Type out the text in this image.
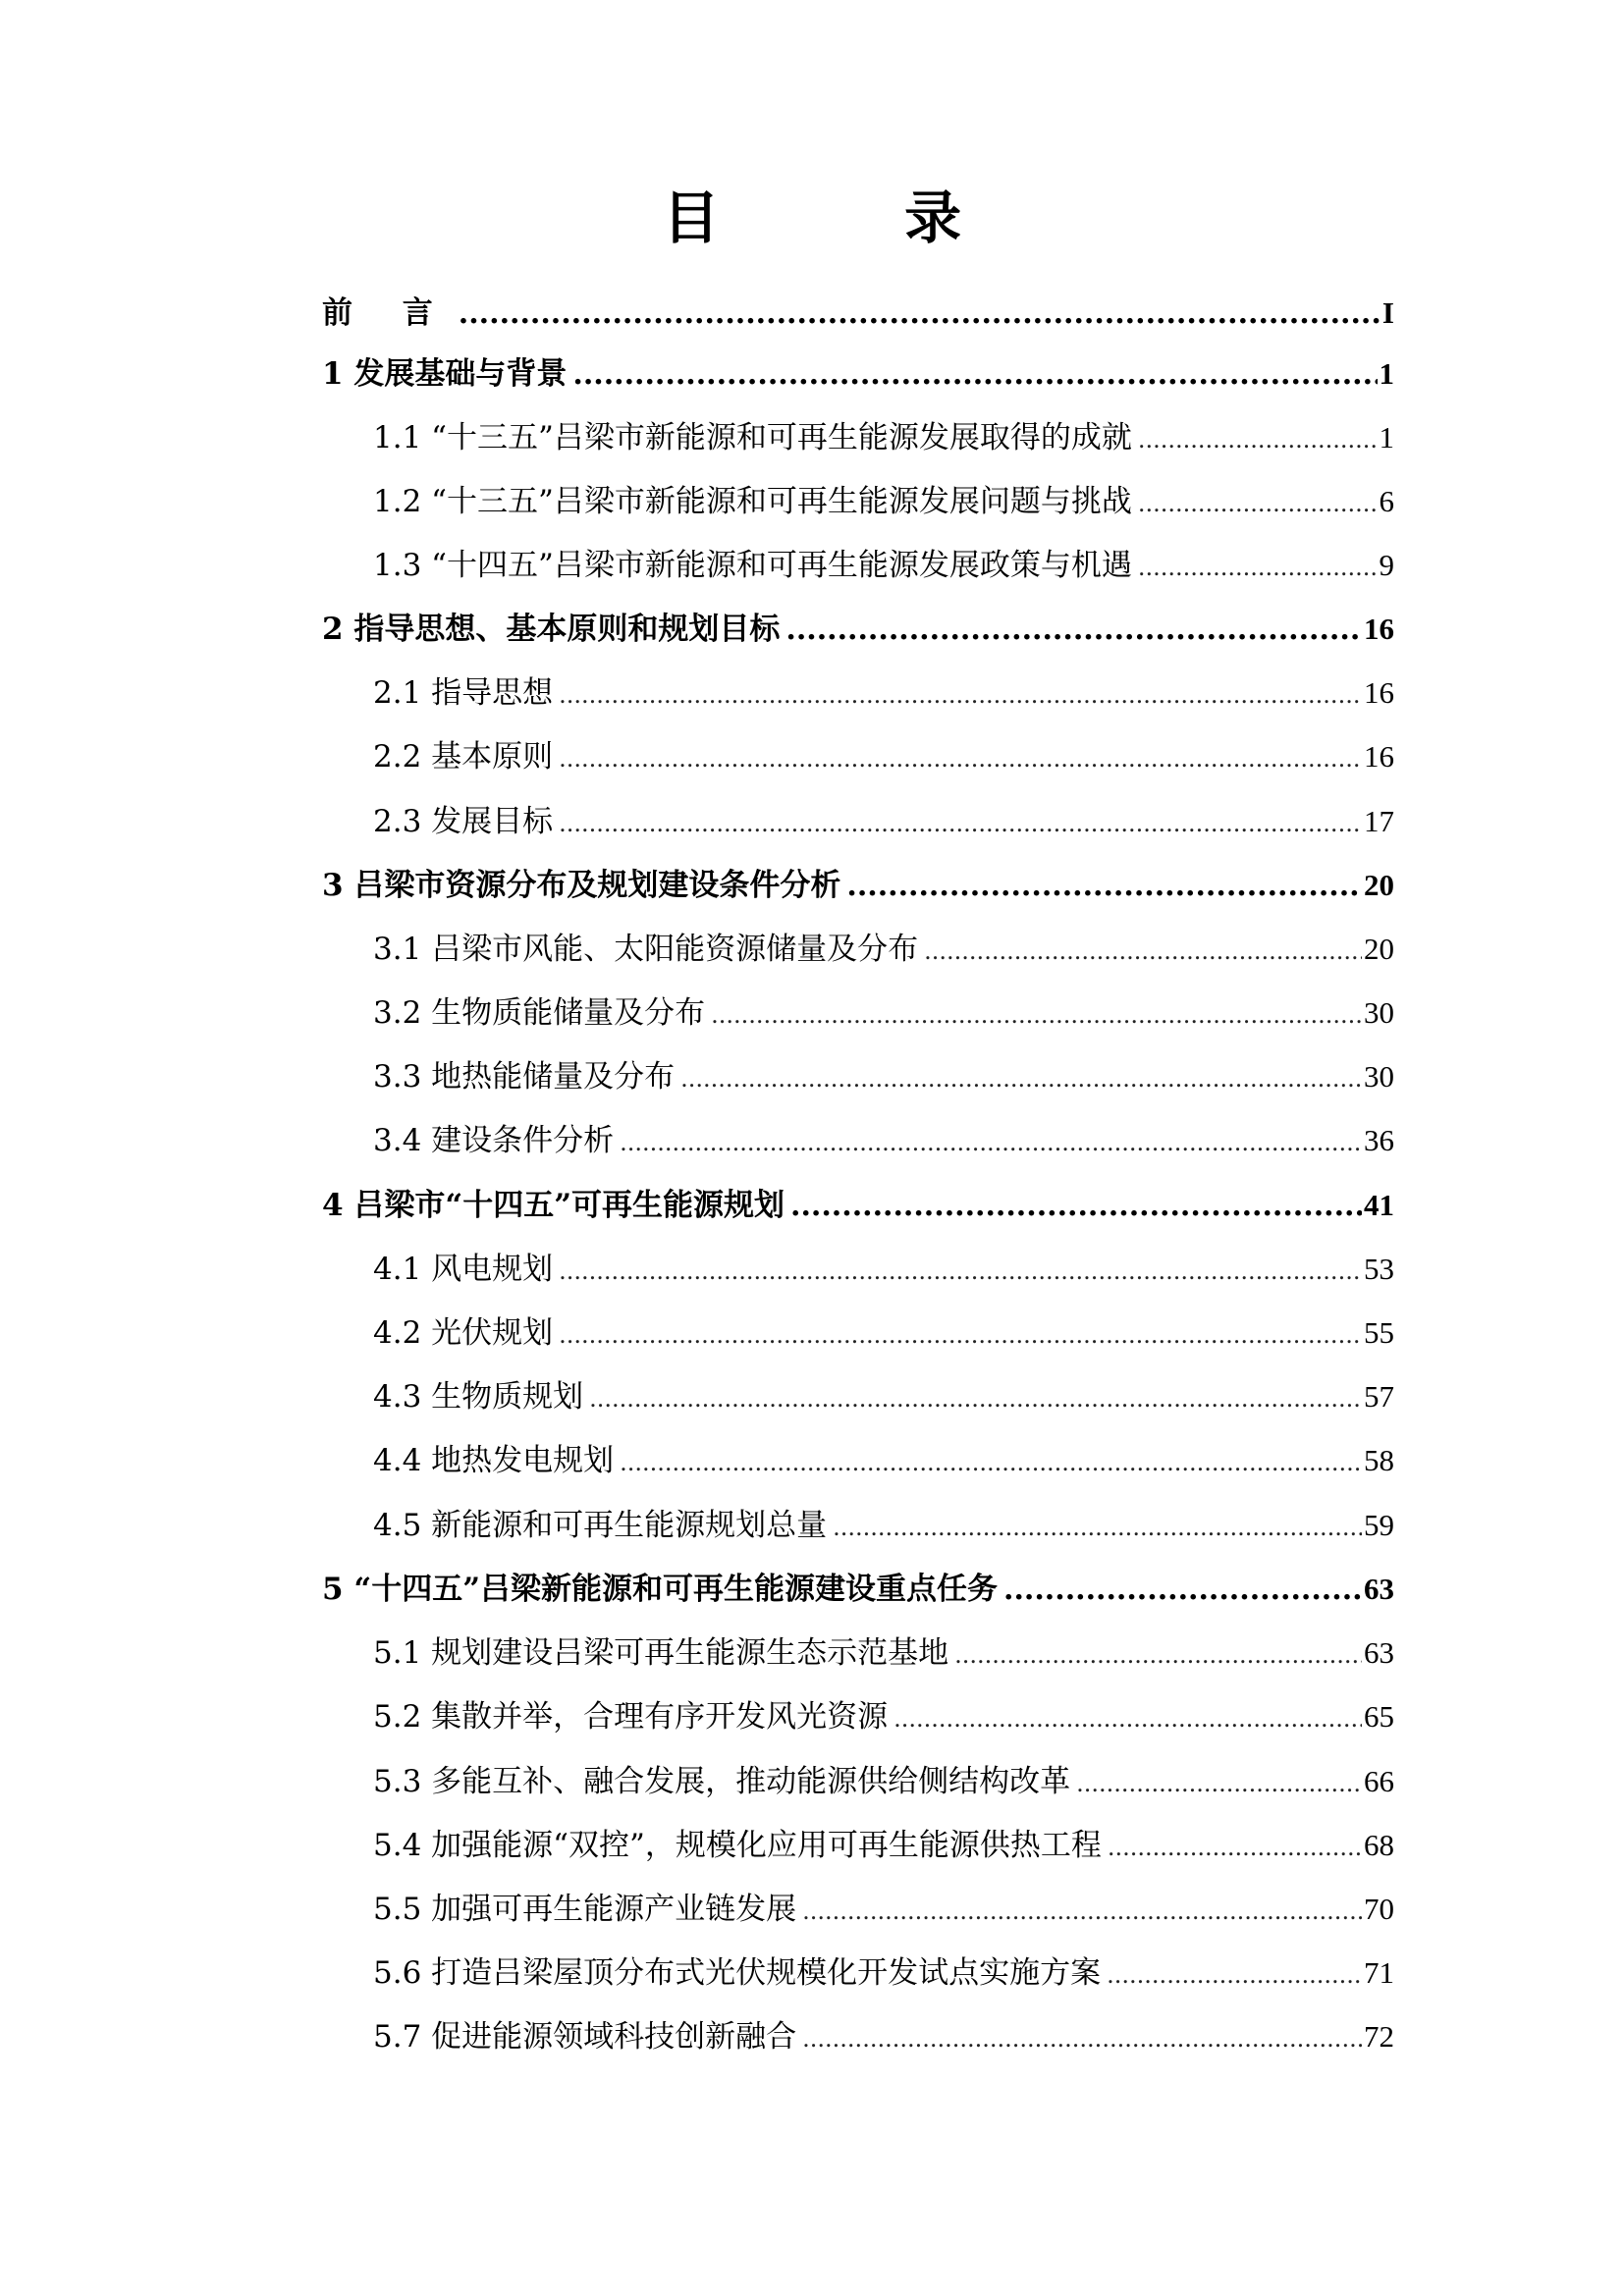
目 录
前 言 .....	I
1 发展基础与背景 .....	1
1.1 “十三五”吕梁市新能源和可再生能源发展取得的成就 .....	1
1.2 “十三五”吕梁市新能源和可再生能源发展问题与挑战 .....	6
1.3 “十四五”吕梁市新能源和可再生能源发展政策与机遇 .....	9
2 指导思想、基本原则和规划目标 .....	16
2.1 指导思想 .....	16
2.2 基本原则 .....	16
2.3 发展目标 .....	17
3 吕梁市资源分布及规划建设条件分析 .....	20
3.1 吕梁市风能、太阳能资源储量及分布 .....	20
3.2 生物质能储量及分布 .....	30
3.3 地热能储量及分布 .....	30
3.4 建设条件分析 .....	36
4 吕梁市“十四五”可再生能源规划 .....	41
4.1 风电规划 .....	53
4.2 光伏规划 .....	55
4.3 生物质规划 .....	57
4.4 地热发电规划 .....	58
4.5 新能源和可再生能源规划总量 .....	59
5 “十四五”吕梁新能源和可再生能源建设重点任务 .....	63
5.1 规划建设吕梁可再生能源生态示范基地 .....	63
5.2 集散并举，合理有序开发风光资源 .....	65
5.3 多能互补、融合发展，推动能源供给侧结构改革 .....	66
5.4 加强能源“双控”，规模化应用可再生能源供热工程 .....	68
5.5 加强可再生能源产业链发展 .....	70
5.6 打造吕梁屋顶分布式光伏规模化开发试点实施方案 .....	71
5.7 促进能源领域科技创新融合 .....	72
